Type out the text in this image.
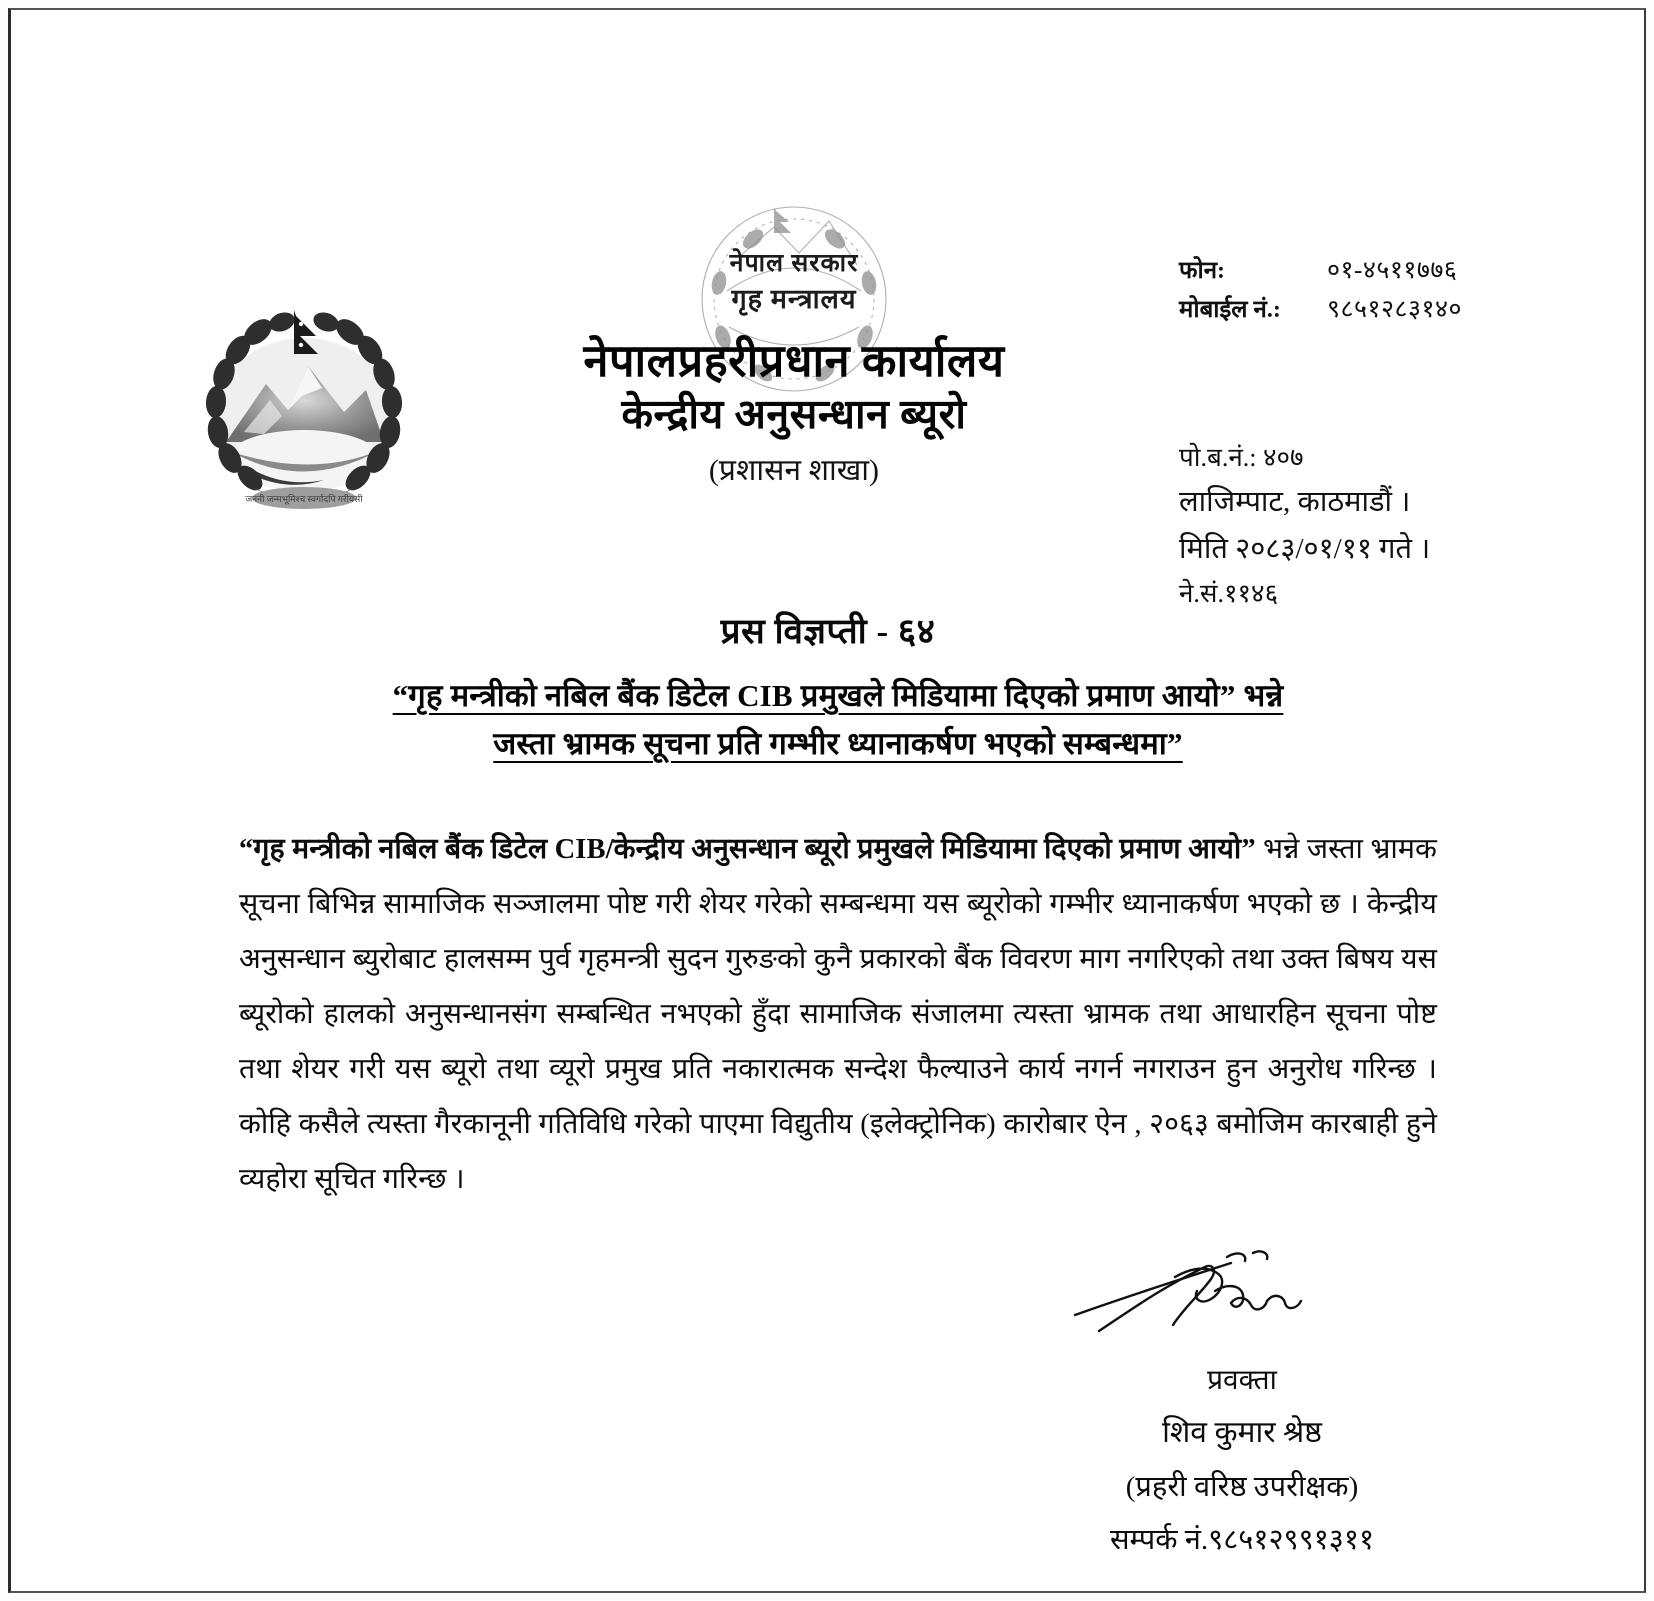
जननी जन्मभूमिश्च स्वर्गादपि गरीयसी
नेपाल सरकार
गृह मन्त्रालय
नेपालप्रहरीप्रधान कार्यालय
केन्द्रीय अनुसन्धान ब्यूरो
(प्रशासन शाखा)
फोन:	०१-४५११७७६
मोबाईल नं.:	९८५१२८३१४०
पो.ब.नं.: ४०७
लाजिम्पाट, काठमाडौं ।
मिति २०८३/०१/११ गते ।
ने.सं.११४६
प्रस विज्ञप्ती - ६४
“गृह मन्त्रीको नबिल बैंक डिटेल CIB प्रमुखले मिडियामा दिएको प्रमाण आयो” भन्ने
जस्ता भ्रामक सूचना प्रति गम्भीर ध्यानाकर्षण भएको सम्बन्धमा”
“गृह मन्त्रीको नबिल बैंक डिटेल CIB/केन्द्रीय अनुसन्धान ब्यूरो प्रमुखले मिडियामा दिएको प्रमाण आयो” भन्ने जस्ता भ्रामक सूचना बिभिन्न सामाजिक सञ्जालमा पोष्ट गरी शेयर गरेको सम्बन्धमा यस ब्यूरोको गम्भीर ध्यानाकर्षण भएको छ । केन्द्रीय अनुसन्धान ब्युरोबाट हालसम्म पुर्व गृहमन्त्री सुदन गुरुङको कुनै प्रकारको बैंक विवरण माग नगरिएको तथा उक्त बिषय यस ब्यूरोको हालको अनुसन्धानसंग सम्बन्धित नभएको हुँदा सामाजिक संजालमा त्यस्ता भ्रामक तथा आधारहिन सूचना पोष्ट तथा शेयर गरी यस ब्यूरो तथा व्यूरो प्रमुख प्रति नकारात्मक सन्देश फैल्याउने कार्य नगर्न नगराउन हुन अनुरोध गरिन्छ । कोहि कसैले त्यस्ता गैरकानूनी गतिविधि गरेको पाएमा विद्युतीय (इलेक्ट्रोनिक) कारोबार ऐन , २०६३ बमोजिम कारबाही हुने व्यहोरा सूचित गरिन्छ ।
प्रवक्ता
शिव कुमार श्रेष्ठ
(प्रहरी वरिष्ठ उपरीक्षक)
सम्पर्क नं.९८५१२९९१३११
